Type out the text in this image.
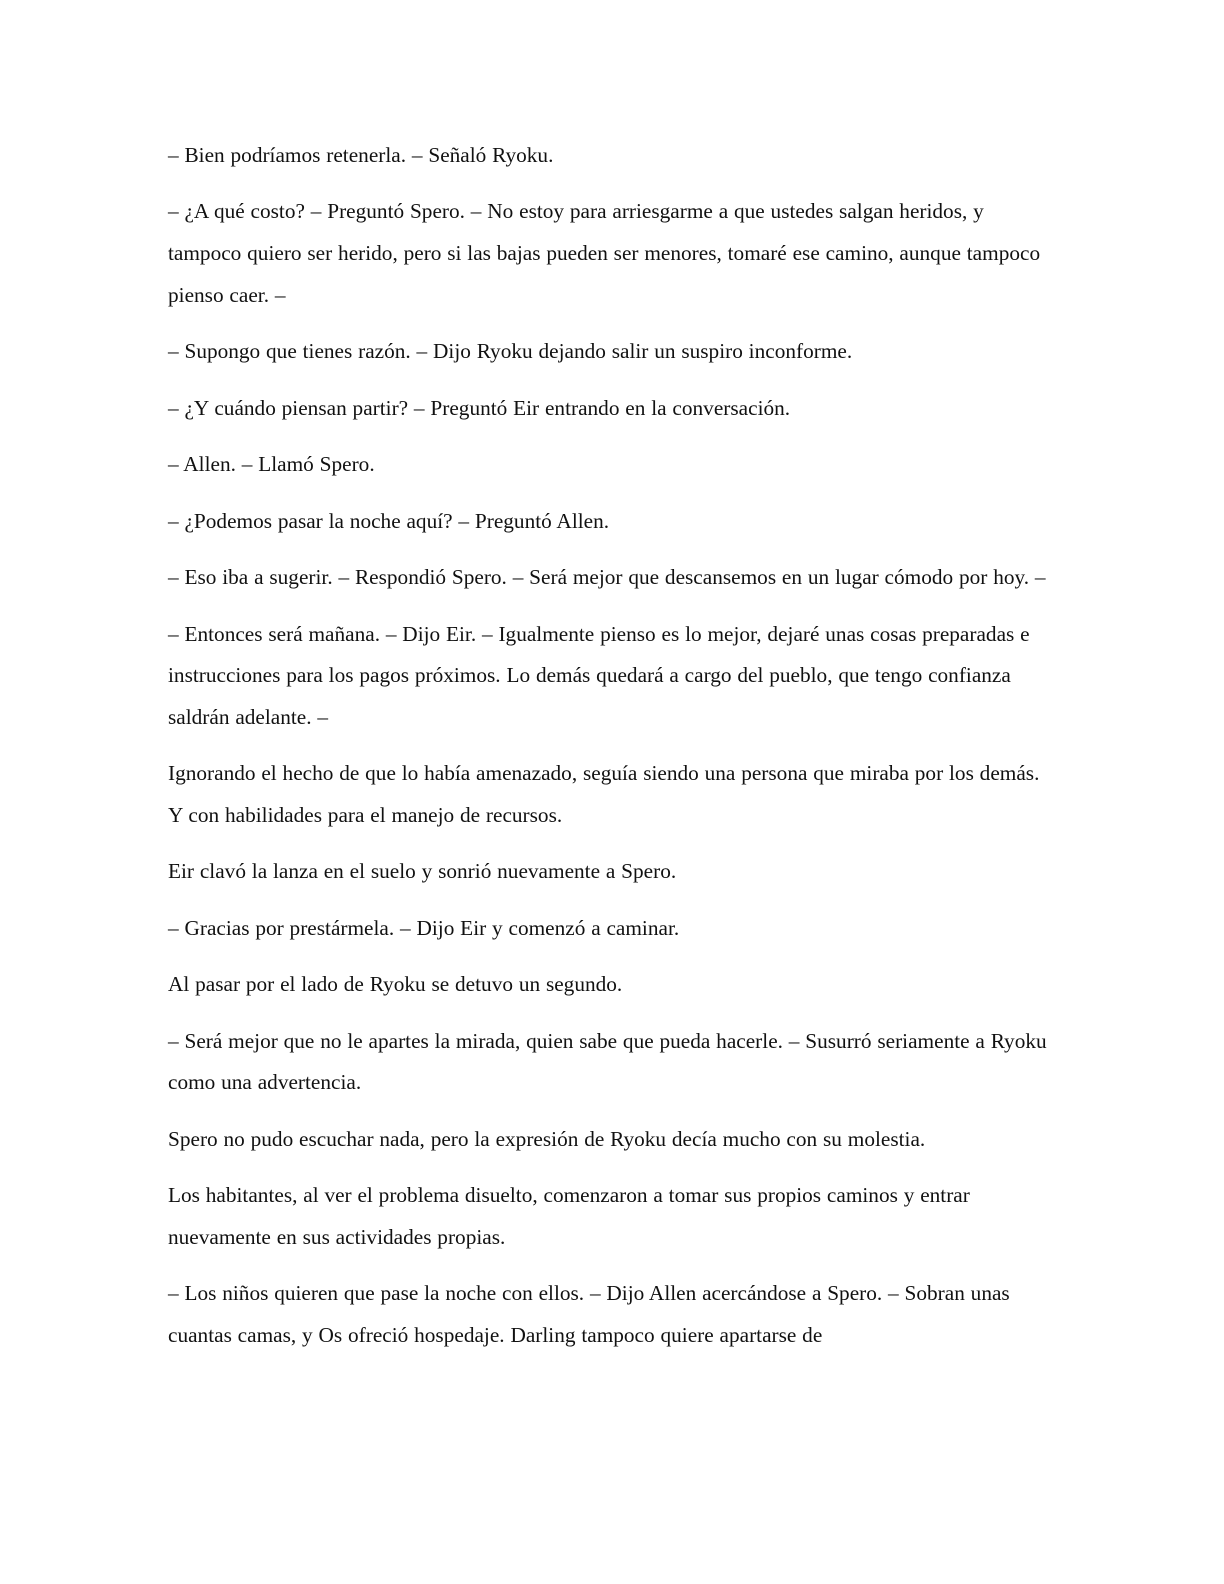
– Bien podríamos retenerla. – Señaló Ryoku.

– ¿A qué costo? – Preguntó Spero. – No estoy para arriesgarme a que ustedes salgan heridos, y tampoco quiero ser herido, pero si las bajas pueden ser menores, tomaré ese camino, aunque tampoco pienso caer. –

– Supongo que tienes razón. – Dijo Ryoku dejando salir un suspiro inconforme.

– ¿Y cuándo piensan partir? – Preguntó Eir entrando en la conversación.

– Allen. – Llamó Spero.

– ¿Podemos pasar la noche aquí? – Preguntó Allen.

– Eso iba a sugerir. – Respondió Spero. – Será mejor que descansemos en un lugar cómodo por hoy. –

– Entonces será mañana. – Dijo Eir. – Igualmente pienso es lo mejor, dejaré unas cosas preparadas e instrucciones para los pagos próximos. Lo demás quedará a cargo del pueblo, que tengo confianza saldrán adelante. –

Ignorando el hecho de que lo había amenazado, seguía siendo una persona que miraba por los demás. Y con habilidades para el manejo de recursos.

Eir clavó la lanza en el suelo y sonrió nuevamente a Spero.

– Gracias por prestármela. – Dijo Eir y comenzó a caminar.

Al pasar por el lado de Ryoku se detuvo un segundo.

– Será mejor que no le apartes la mirada, quien sabe que pueda hacerle. – Susurró seriamente a Ryoku como una advertencia.

Spero no pudo escuchar nada, pero la expresión de Ryoku decía mucho con su molestia.

Los habitantes, al ver el problema disuelto, comenzaron a tomar sus propios caminos y entrar nuevamente en sus actividades propias.

– Los niños quieren que pase la noche con ellos. – Dijo Allen acercándose a Spero. – Sobran unas cuantas camas, y Os ofreció hospedaje. Darling tampoco quiere apartarse de
